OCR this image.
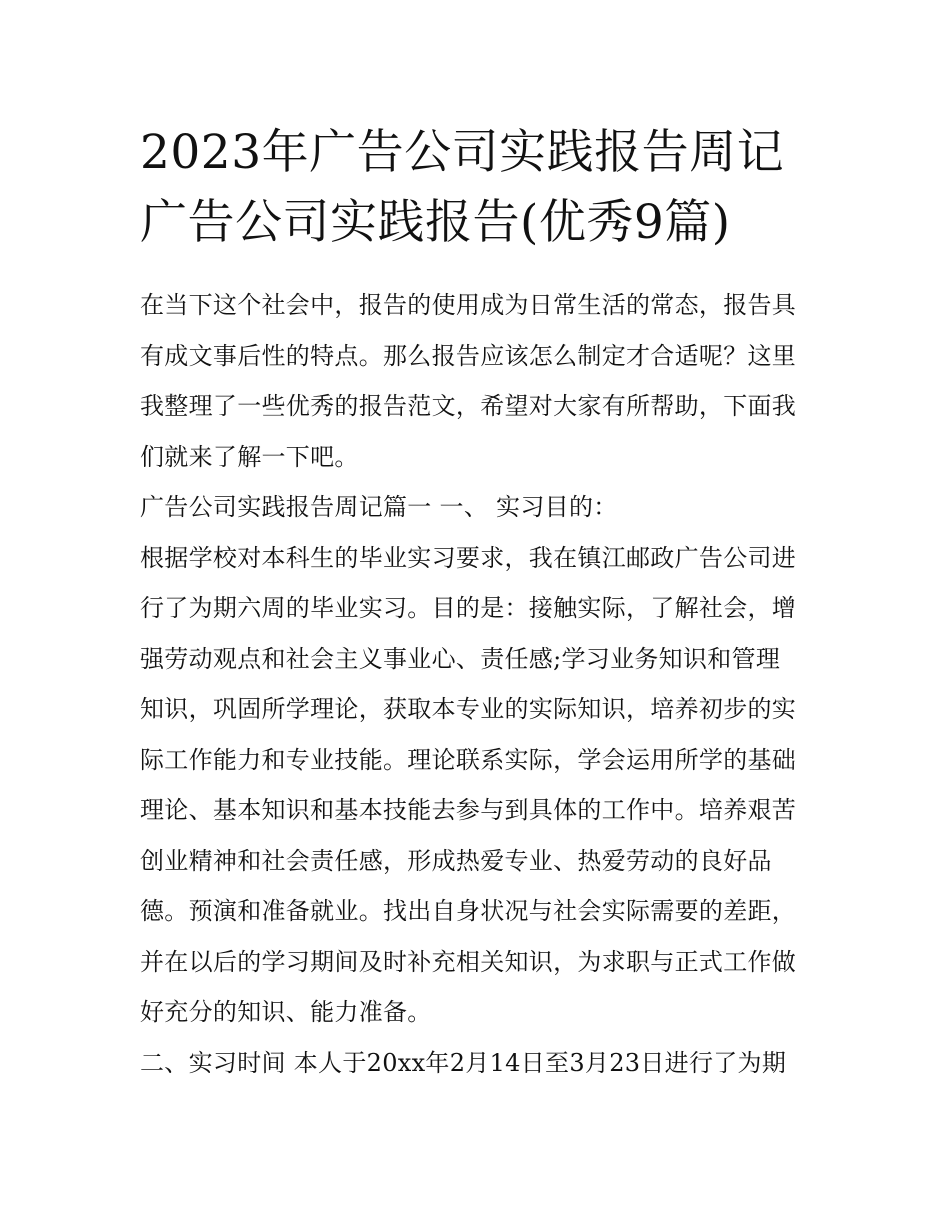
2023年广告公司实践报告周记
广告公司实践报告(优秀9篇)

在当下这个社会中，报告的使用成为日常生活的常态，报告具
有成文事后性的特点。那么报告应该怎么制定才合适呢？这里
我整理了一些优秀的报告范文，希望对大家有所帮助，下面我
们就来了解一下吧。

广告公司实践报告周记篇一 一、 实习目的：

根据学校对本科生的毕业实习要求，我在镇江邮政广告公司进
行了为期六周的毕业实习。目的是：接触实际，了解社会，增
强劳动观点和社会主义事业心、责任感;学习业务知识和管理
知识，巩固所学理论，获取本专业的实际知识，培养初步的实
际工作能力和专业技能。理论联系实际，学会运用所学的基础
理论、基本知识和基本技能去参与到具体的工作中。培养艰苦
创业精神和社会责任感，形成热爱专业、热爱劳动的良好品
德。预演和准备就业。找出自身状况与社会实际需要的差距，
并在以后的学习期间及时补充相关知识，为求职与正式工作做
好充分的知识、能力准备。

二、实习时间 本人于20xx年2月14日至3月23日进行了为期
